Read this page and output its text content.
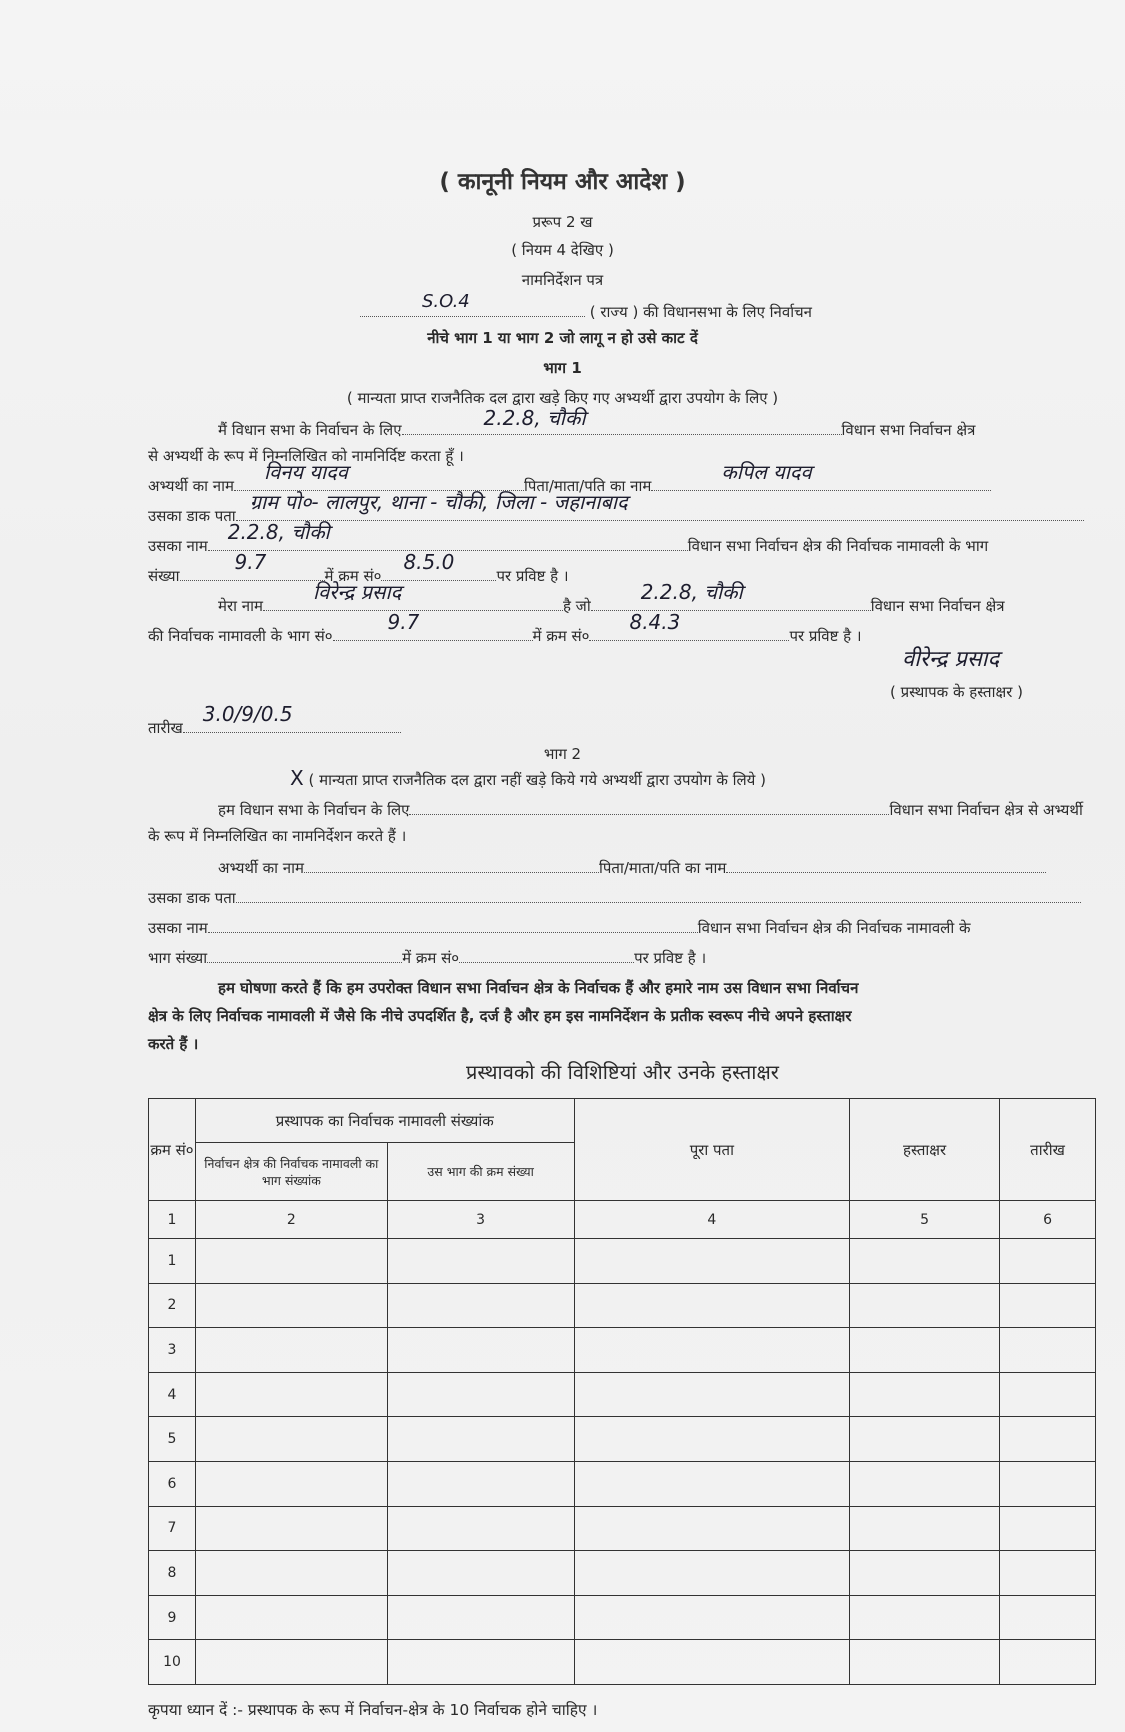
( कानूनी नियम और आदेश )
प्ररूप 2 ख
( नियम 4 देखिए )
नामनिर्देशन पत्र
S.O.4	( राज्य ) की विधानसभा के लिए निर्वाचन
नीचे भाग 1 या भाग 2 जो लागू न हो उसे काट दें
भाग 1
( मान्यता प्राप्त राजनैतिक दल द्वारा खड़े किए गए अभ्यर्थी द्वारा उपयोग के लिए )
मैं विधान सभा के निर्वाचन के लिए	2.2.8, चौकी	विधान सभा निर्वाचन क्षेत्र
से अभ्यर्थी के रूप में निम्नलिखित को नामनिर्दिष्ट करता हूँ ।
अभ्यर्थी का नाम
विनय यादव
पिता/माता/पति का नाम
कपिल यादव
उसका डाक पता
ग्राम पो०- लालपुर, थाना - चौकी, जिला - जहानाबाद
उसका नाम
2.2.8, चौकी
विधान सभा निर्वाचन क्षेत्र की निर्वाचक नामावली के भाग
संख्या
9.7
में क्रम सं०
8.5.0
पर प्रविष्ट है ।
मेरा नाम
विरेन्द्र प्रसाद
है जो
2.2.8, चौकी
विधान सभा निर्वाचन क्षेत्र
की निर्वाचक नामावली के भाग सं०
9.7
में क्रम सं०
8.4.3
पर प्रविष्ट है ।
वीरेन्द्र प्रसाद
( प्रस्थापक के हस्ताक्षर )
तारीख
3.0/9/0.5
भाग 2
X ( मान्यता प्राप्त राजनैतिक दल द्वारा नहीं खड़े किये गये अभ्यर्थी द्वारा उपयोग के लिये )
हम विधान सभा के निर्वाचन के लिए	विधान सभा निर्वाचन क्षेत्र से अभ्यर्थी
के रूप में निम्नलिखित का नामनिर्देशन करते हैं ।
अभ्यर्थी का नाम	पिता/माता/पति का नाम
उसका डाक पता
उसका नाम	विधान सभा निर्वाचन क्षेत्र की निर्वाचक नामावली के
भाग संख्या	में क्रम सं०	पर प्रविष्ट है ।
हम घोषणा करते हैं कि हम उपरोक्त विधान सभा निर्वाचन क्षेत्र के निर्वाचक हैं और हमारे नाम उस विधान सभा निर्वाचन
क्षेत्र के लिए निर्वाचक नामावली में जैसे कि नीचे उपदर्शित है, दर्ज है और हम इस नामनिर्देशन के प्रतीक स्वरूप नीचे अपने हस्ताक्षर
करते हैं ।
प्रस्थावको की विशिष्टियां और उनके हस्ताक्षर
क्रम सं०	प्रस्थापक का निर्वाचक नामावली संख्यांक		पूरा पता	हस्ताक्षर	तारीख
	निर्वाचन क्षेत्र की निर्वाचक नामावली का भाग संख्यांक	उस भाग की क्रम संख्या			
1	2	3	4	5	6
1					
2					
3					
4					
5					
6					
7					
8					
9					
10					
कृपया ध्यान दें :- प्रस्थापक के रूप में निर्वाचन-क्षेत्र के 10 निर्वाचक होने चाहिए ।
